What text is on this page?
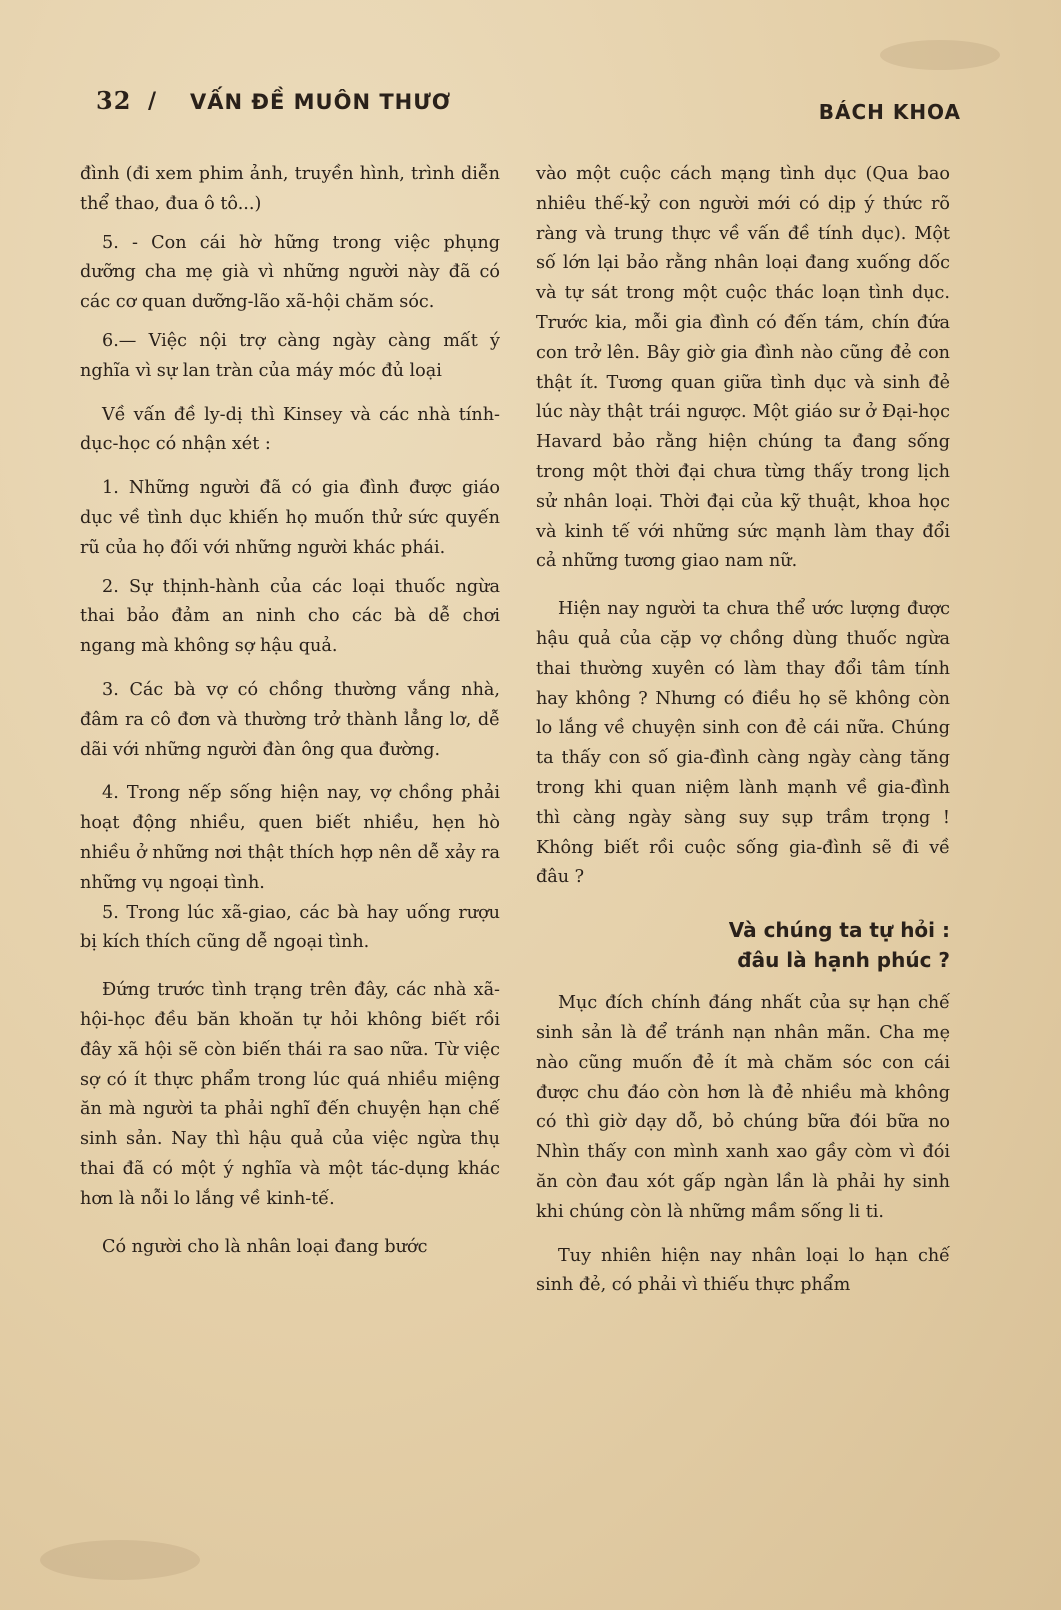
32 / VẤN ĐỀ MUÔN THƯƠ	BÁCH KHOA

đình (đi xem phim ảnh, truyền hình, trình diễn thể thao, đua ô tô...)

5. - Con cái hờ hững trong việc phụng dưỡng cha mẹ già vì những người này đã có các cơ quan dưỡng-lão xã-hội chăm sóc.

6.— Việc nội trợ càng ngày càng mất ý nghĩa vì sự lan tràn của máy móc đủ loại

Về vấn đề ly-dị thì Kinsey và các nhà tính-dục-học có nhận xét :

1. Những người đã có gia đình được giáo dục về tình dục khiến họ muốn thử sức quyến rũ của họ đối với những người khác phái.

2. Sự thịnh-hành của các loại thuốc ngừa thai bảo đảm an ninh cho các bà dễ chơi ngang mà không sợ hậu quả.

3. Các bà vợ có chồng thường vắng nhà, đâm ra cô đơn và thường trở thành lẳng lơ, dễ dãi với những người đàn ông qua đường.

4. Trong nếp sống hiện nay, vợ chồng phải hoạt động nhiều, quen biết nhiều, hẹn hò nhiều ở những nơi thật thích hợp nên dễ xảy ra những vụ ngoại tình.

5. Trong lúc xã-giao, các bà hay uống rượu bị kích thích cũng dễ ngoại tình.

Đứng trước tình trạng trên đây, các nhà xã-hội-học đều băn khoăn tự hỏi không biết rồi đây xã hội sẽ còn biến thái ra sao nữa. Từ việc sợ có ít thực phẩm trong lúc quá nhiều miệng ăn mà người ta phải nghĩ đến chuyện hạn chế sinh sản. Nay thì hậu quả của việc ngừa thụ thai đã có một ý nghĩa và một tác-dụng khác hơn là nỗi lo lắng về kinh-tế.

Có người cho là nhân loại đang bước

vào một cuộc cách mạng tình dục (Qua bao nhiêu thế-kỷ con người mới có dịp ý thức rõ ràng và trung thực về vấn đề tính dục). Một số lớn lại bảo rằng nhân loại đang xuống dốc và tự sát trong một cuộc thác loạn tình dục. Trước kia, mỗi gia đình có đến tám, chín đứa con trở lên. Bây giờ gia đình nào cũng đẻ con thật ít. Tương quan giữa tình dục và sinh đẻ lúc này thật trái ngược. Một giáo sư ở Đại-học Havard bảo rằng hiện chúng ta đang sống trong một thời đại chưa từng thấy trong lịch sử nhân loại. Thời đại của kỹ thuật, khoa học và kinh tế với những sức mạnh làm thay đổi cả những tương giao nam nữ.

Hiện nay người ta chưa thể ước lượng được hậu quả của cặp vợ chồng dùng thuốc ngừa thai thường xuyên có làm thay đổi tâm tính hay không ? Nhưng có điều họ sẽ không còn lo lắng về chuyện sinh con đẻ cái nữa. Chúng ta thấy con số gia-đình càng ngày càng tăng trong khi quan niệm lành mạnh về gia-đình thì càng ngày sàng suy sụp trầm trọng ! Không biết rồi cuộc sống gia-đình sẽ đi về đâu ?

Và chúng ta tự hỏi :
đâu là hạnh phúc ?

Mục đích chính đáng nhất của sự hạn chế sinh sản là để tránh nạn nhân mãn. Cha mẹ nào cũng muốn đẻ ít mà chăm sóc con cái được chu đáo còn hơn là đẻ nhiều mà không có thì giờ dạy dỗ, bỏ chúng bữa đói bữa no Nhìn thấy con mình xanh xao gầy còm vì đói ăn còn đau xót gấp ngàn lần là phải hy sinh khi chúng còn là những mầm sống li ti.

Tuy nhiên hiện nay nhân loại lo hạn chế sinh đẻ, có phải vì thiếu thực phẩm
